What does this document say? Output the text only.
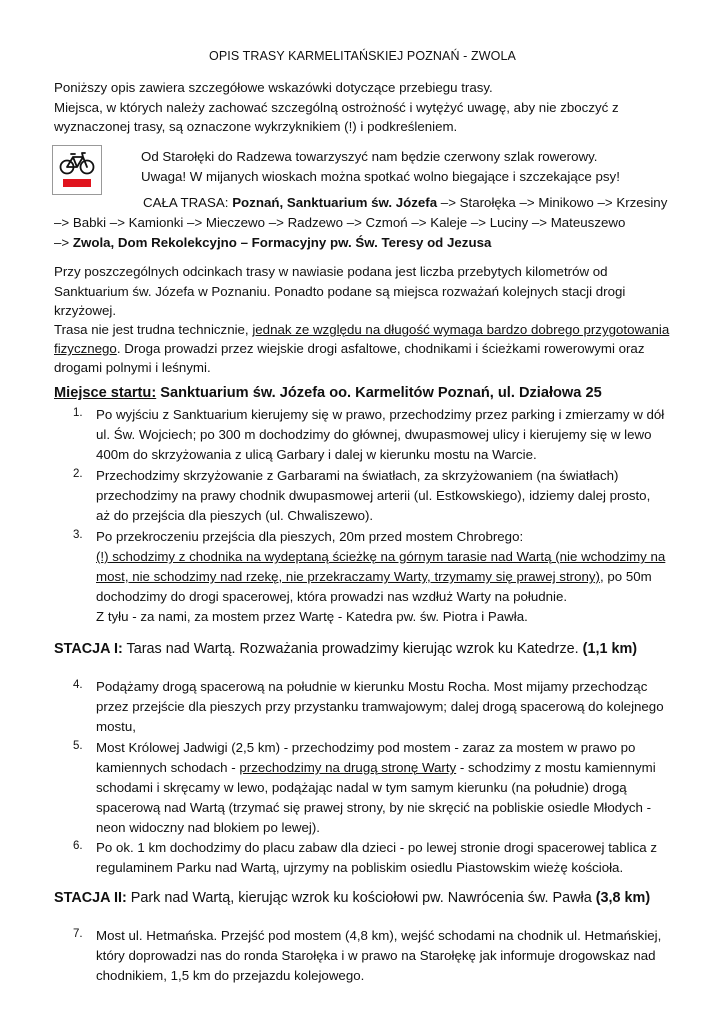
OPIS TRASY KARMELITAŃSKIEJ POZNAŃ - ZWOLA
Poniższy opis zawiera szczegółowe wskazówki dotyczące przebiegu trasy.
Miejsca, w których należy zachować szczególną ostrożność i wytężyć uwagę, aby nie zboczyć z
wyznaczonej trasy, są oznaczone wykrzyknikiem (!) i podkreśleniem.
Od Starołęki do Radzewa towarzyszyć nam będzie czerwony szlak rowerowy.
Uwaga! W mijanych wioskach można spotkać wolno biegające i szczekające psy!
CAŁA TRASA: Poznań, Sanktuarium św. Józefa –> Starołęka –> Minikowo –> Krzesiny
–> Babki –> Kamionki –> Mieczewo –> Radzewo –> Czmoń –> Kaleje –> Luciny –> Mateuszewo
–> Zwola, Dom Rekolekcyjno – Formacyjny pw. Św. Teresy od Jezusa
Przy poszczególnych odcinkach trasy w nawiasie podana jest liczba przebytych kilometrów od
Sanktuarium św. Józefa w Poznaniu. Ponadto podane są miejsca rozważań kolejnych stacji drogi
krzyżowej.
Trasa nie jest trudna technicznie, jednak ze względu na długość wymaga bardzo dobrego przygotowania
fizycznego. Droga prowadzi przez wiejskie drogi asfaltowe, chodnikami i ścieżkami rowerowymi oraz
drogami polnymi i leśnymi.
Miejsce startu: Sanktuarium św. Józefa oo. Karmelitów Poznań, ul. Działowa 25
1. Po wyjściu z Sanktuarium kierujemy się w prawo, przechodzimy przez parking i zmierzamy w dół
ul. Św. Wojciech; po 300 m dochodzimy do głównej, dwupasmowej ulicy i kierujemy się w lewo
400m do skrzyżowania z ulicą Garbary i dalej w kierunku mostu na Warcie.
2. Przechodzimy skrzyżowanie z Garbarami na światłach, za skrzyżowaniem (na światłach)
przechodzimy na prawy chodnik dwupasmowej arterii (ul. Estkowskiego), idziemy dalej prosto,
aż do przejścia dla pieszych (ul. Chwaliszewo).
3. Po przekroczeniu przejścia dla pieszych, 20m przed mostem Chrobrego:
(!) schodzimy z chodnika na wydeptaną ścieżkę na górnym tarasie nad Wartą (nie wchodzimy na
most, nie schodzimy nad rzekę, nie przekraczamy Warty, trzymamy się prawej strony), po 50m
dochodzimy do drogi spacerowej, która prowadzi nas wzdłuż Warty na południe.
Z tyłu - za nami, za mostem przez Wartę - Katedra pw. św. Piotra i Pawła.
STACJA I: Taras nad Wartą. Rozważania prowadzimy kierując wzrok ku Katedrze. (1,1 km)
4. Podążamy drogą spacerową na południe w kierunku Mostu Rocha. Most mijamy przechodząc
przez przejście dla pieszych przy przystanku tramwajowym; dalej drogą spacerową do kolejnego
mostu,
5. Most Królowej Jadwigi (2,5 km) - przechodzimy pod mostem - zaraz za mostem w prawo po
kamiennych schodach - przechodzimy na drugą stronę Warty - schodzimy z mostu kamiennymi
schodami i skręcamy w lewo, podążając nadal w tym samym kierunku (na południe) drogą
spacerową nad Wartą (trzymać się prawej strony, by nie skręcić na pobliskie osiedle Młodych -
neon widoczny nad blokiem po lewej).
6. Po ok. 1 km dochodzimy do placu zabaw dla dzieci - po lewej stronie drogi spacerowej tablica z
regulaminem Parku nad Wartą, ujrzymy na pobliskim osiedlu Piastowskim wieżę kościoła.
STACJA II: Park nad Wartą, kierując wzrok ku kościołowi pw. Nawrócenia św. Pawła (3,8 km)
7. Most ul. Hetmańska. Przejść pod mostem (4,8 km), wejść schodami na chodnik ul. Hetmańskiej,
który doprowadzi nas do ronda Starołęka i w prawo na Starołękę jak informuje drogowskaz nad
chodnikiem, 1,5 km do przejazdu kolejowego.
